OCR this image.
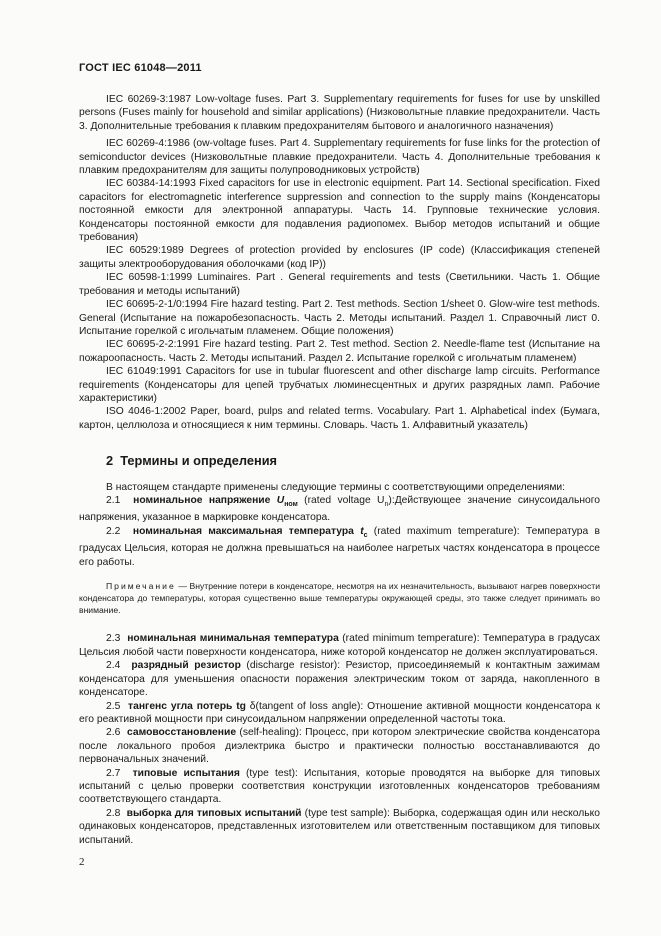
ГОСТ IEC 61048—2011

IEC 60269-3:1987 Low-voltage fuses. Part 3. Supplementary requirements for fuses for use by unskilled persons (Fuses mainly for household and similar applications) (Низковольтные плавкие предохранители. Часть 3. Дополнительные требования к плавким предохранителям бытового и аналогичного назначения)

IEC 60269-4:1986 (ow-voltage fuses. Part 4. Supplementary requirements for fuse links for the protection of semiconductor devices (Низковольтные плавкие предохранители. Часть 4. Дополнительные требования к плавким предохранителям для защиты полупроводниковых устройств)

IEC 60384-14:1993 Fixed capacitors for use in electronic equipment. Part 14. Sectional specification. Fixed capacitors for electromagnetic interference suppression and connection to the supply mains (Конденсаторы постоянной емкости для электронной аппаратуры. Часть 14. Групповые технические условия. Конденсаторы постоянной емкости для подавления радиопомех. Выбор методов испытаний и общие требования)

IEC 60529:1989 Degrees of protection provided by enclosures (IP code) (Классификация степеней защиты электрооборудования оболочками (код IP))

IEC 60598-1:1999 Luminaires. Part . General requirements and tests (Светильники. Часть 1. Общие требования и методы испытаний)

IEC 60695-2-1/0:1994 Fire hazard testing. Part 2. Test methods. Section 1/sheet 0. Glow-wire test methods. General (Испытание на пожаробезопасность. Часть 2. Методы испытаний. Раздел 1. Справочный лист 0. Испытание горелкой с игольчатым пламенем. Общие положения)

IEC 60695-2-2:1991 Fire hazard testing. Part 2. Test method. Section 2. Needle-flame test (Испытание на пожароопасность. Часть 2. Методы испытаний. Раздел 2. Испытание горелкой с игольчатым пламенем)

IEC 61049:1991 Capacitors for use in tubular fluorescent and other discharge lamp circuits. Performance requirements (Конденсаторы для цепей трубчатых люминесцентных и других разрядных ламп. Рабочие характеристики)

ISO 4046-1:2002 Paper, board, pulps and related terms. Vocabulary. Part 1. Alphabetical index (Бумага, картон, целлюлоза и относящиеся к ним термины. Словарь. Часть 1. Алфавитный указатель)

2 Термины и определения

В настоящем стандарте применены следующие термины с соответствующими определениями:

2.1 номинальное напряжение $U_{ном}$ (rated voltage $U_n):Действующее$ значение синусоидального напряжения, указанное в маркировке конденсатора.

2.2 номинальная максимальная температура $t_c$ (rated maximum temperature): Температура в градусах Цельсия, которая не должна превышаться на наиболее нагретых частях конденсатора в процессе его работы.

Примечание — Внутренние потери в конденсаторе, несмотря на их незначительность, вызывают нагрев поверхности конденсатора до температуры, которая существенно выше температуры окружающей среды, это также следует принимать во внимание.

2.3 номинальная минимальная температура (rated minimum temperature): Температура в градусах Цельсия любой части поверхности конденсатора, ниже которой конденсатор не должен эксплуатироваться.

2.4 разрядный резистор (discharge resistor): Резистор, присоединяемый к контактным зажимам конденсатора для уменьшения опасности поражения электрическим током от заряда, накопленного в конденсаторе.

2.5 тангенс угла потерь tg δ(tangent of loss angle): Отношение активной мощности конденсатора к его реактивной мощности при синусоидальном напряжении определенной частоты тока.

2.6 самовосстановление (self-healing): Процесс, при котором электрические свойства конденсатора после локального пробоя диэлектрика быстро и практически полностью восстанавливаются до первоначальных значений.

2.7 типовые испытания (type test): Испытания, которые проводятся на выборке для типовых испытаний с целью проверки соответствия конструкции изготовленных конденсаторов требованиям соответствующего стандарта.

2.8 выборка для типовых испытаний (type test sample): Выборка, содержащая один или несколько одинаковых конденсаторов, представленных изготовителем или ответственным поставщиком для типовых испытаний.

2
